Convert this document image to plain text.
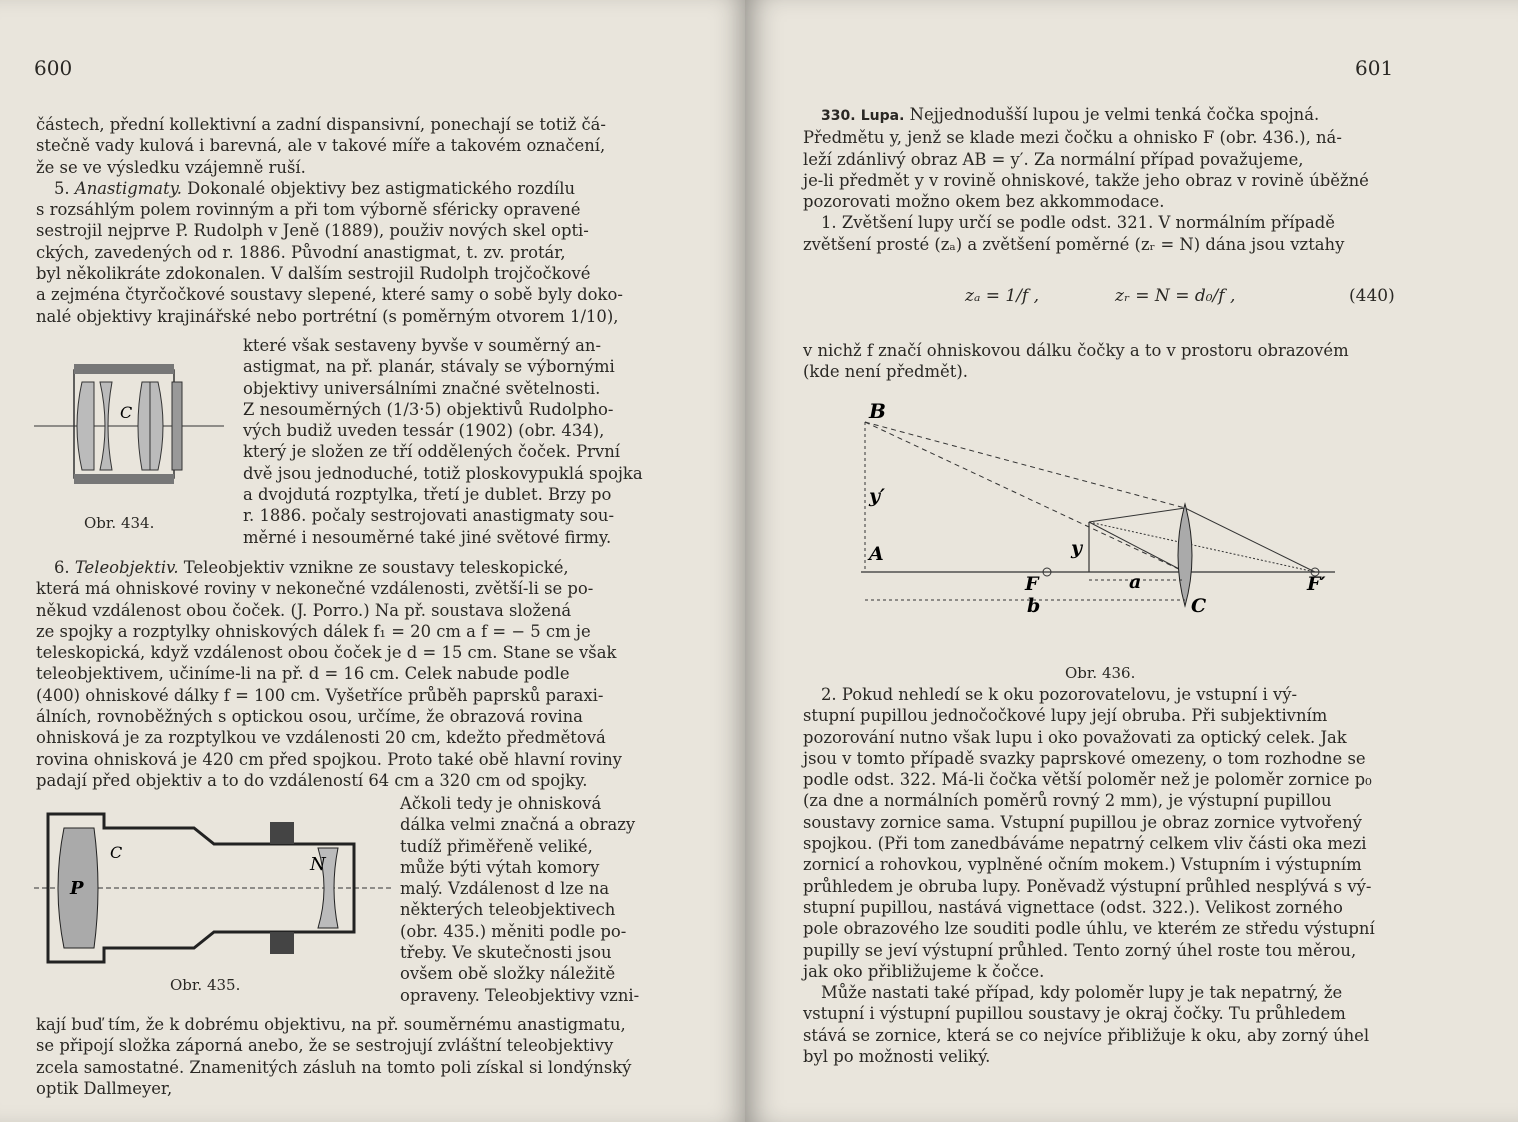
600
částech, přední kollektivní a zadní dispansivní, ponechají se totiž čá-
stečně vady kulová i barevná, ale v takové míře a takovém označení,
že se ve výsledku vzájemně ruší.
5. Anastigmaty. Dokonalé objektivy bez astigmatického rozdílu
s rozsáhlým polem rovinným a při tom výborně sféricky opravené
sestrojil nejprve P. Rudolph v Jeně (1889), použiv nových skel opti-
ckých, zavedených od r. 1886. Původní anastigmat, t. zv. protár,
byl několikráte zdokonalen. V dalším sestrojil Rudolph trojčočkové
a zejména čtyrčočkové soustavy slepené, které samy o sobě byly doko-
nalé objektivy krajinářské nebo portrétní (s poměrným otvorem 1/10),
C
Obr. 434.
které však sestaveny byvše v souměrný an-
astigmat, na př. planár, stávaly se výbornými
objektivy universálními značné světelnosti.
Z nesouměrných (1/3·5) objektivů Rudolpho-
vých budiž uveden tessár (1902) (obr. 434),
který je složen ze tří oddělených čoček. První
dvě jsou jednoduché, totiž ploskovypuklá spojka
a dvojdutá rozptylka, třetí je dublet. Brzy po
r. 1886. počaly sestrojovati anastigmaty sou-
měrné i nesouměrné také jiné světové firmy.
6. Teleobjektiv. Teleobjektiv vznikne ze soustavy teleskopické,
která má ohniskové roviny v nekonečné vzdálenosti, zvětší-li se po-
někud vzdálenost obou čoček. (J. Porro.) Na př. soustava složená
ze spojky a rozptylky ohniskových dálek f₁ = 20 cm a f = − 5 cm je
teleskopická, když vzdálenost obou čoček je d = 15 cm. Stane se však
teleobjektivem, učiníme-li na př. d = 16 cm. Celek nabude podle
(400) ohniskové dálky f = 100 cm. Vyšetříce průběh paprsků paraxi-
álních, rovnoběžných s optickou osou, určíme, že obrazová rovina
ohnisková je za rozptylkou ve vzdálenosti 20 cm, kdežto předmětová
rovina ohnisková je 420 cm před spojkou. Proto také obě hlavní roviny
padají před objektiv a to do vzdáleností 64 cm a 320 cm od spojky.
P
C
N
Obr. 435.
Ačkoli tedy je ohnisková
dálka velmi značná a obrazy
tudíž přiměřeně veliké,
může býti výtah komory
malý. Vzdálenost d lze na
některých teleobjektivech
(obr. 435.) měniti podle po-
třeby. Ve skutečnosti jsou
ovšem obě složky náležitě
opraveny. Teleobjektivy vzni-
kají buď tím, že k dobrému objektivu, na př. souměrnému anastigmatu,
se připojí složka záporná anebo, že se sestrojují zvláštní teleobjektivy
zcela samostatné. Znamenitých zásluh na tomto poli získal si londýnský
optik Dallmeyer,
601
330. Lupa. Nejjednodušší lupou je velmi tenká čočka spojná.
Předmětu y, jenž se klade mezi čočku a ohnisko F (obr. 436.), ná-
leží zdánlivý obraz AB = y′. Za normální případ považujeme,
je-li předmět y v rovině ohniskové, takže jeho obraz v rovině úběžné
pozorovati možno okem bez akkommodace.
1. Zvětšení lupy určí se podle odst. 321. V normálním případě
zvětšení prosté (zₐ) a zvětšení poměrné (zᵣ = N) dána jsou vztahy
zₐ = 1/f ,	zᵣ = N = d₀/f ,	(440)
v nichž f značí ohniskovou dálku čočky a to v prostoru obrazovém
(kde není předmět).
B
y′
A	y
F	a
b	C
F′
Obr. 436.
2. Pokud nehledí se k oku pozorovatelovu, je vstupní i vý-
stupní pupillou jednočočkové lupy její obruba. Při subjektivním
pozorování nutno však lupu i oko považovati za optický celek. Jak
jsou v tomto případě svazky paprskové omezeny, o tom rozhodne se
podle odst. 322. Má-li čočka větší poloměr než je poloměr zornice p₀
(za dne a normálních poměrů rovný 2 mm), je výstupní pupillou
soustavy zornice sama. Vstupní pupillou je obraz zornice vytvořený
spojkou. (Při tom zanedbáváme nepatrný celkem vliv části oka mezi
zornicí a rohovkou, vyplněné očním mokem.) Vstupním i výstupním
průhledem je obruba lupy. Poněvadž výstupní průhled nesplývá s vý-
stupní pupillou, nastává vignettace (odst. 322.). Velikost zorného
pole obrazového lze souditi podle úhlu, ve kterém ze středu výstupní
pupilly se jeví výstupní průhled. Tento zorný úhel roste tou měrou,
jak oko přibližujeme k čočce.
Může nastati také případ, kdy poloměr lupy je tak nepatrný, že
vstupní i výstupní pupillou soustavy je okraj čočky. Tu průhledem
stává se zornice, která se co nejvíce přibližuje k oku, aby zorný úhel
byl po možnosti veliký.
